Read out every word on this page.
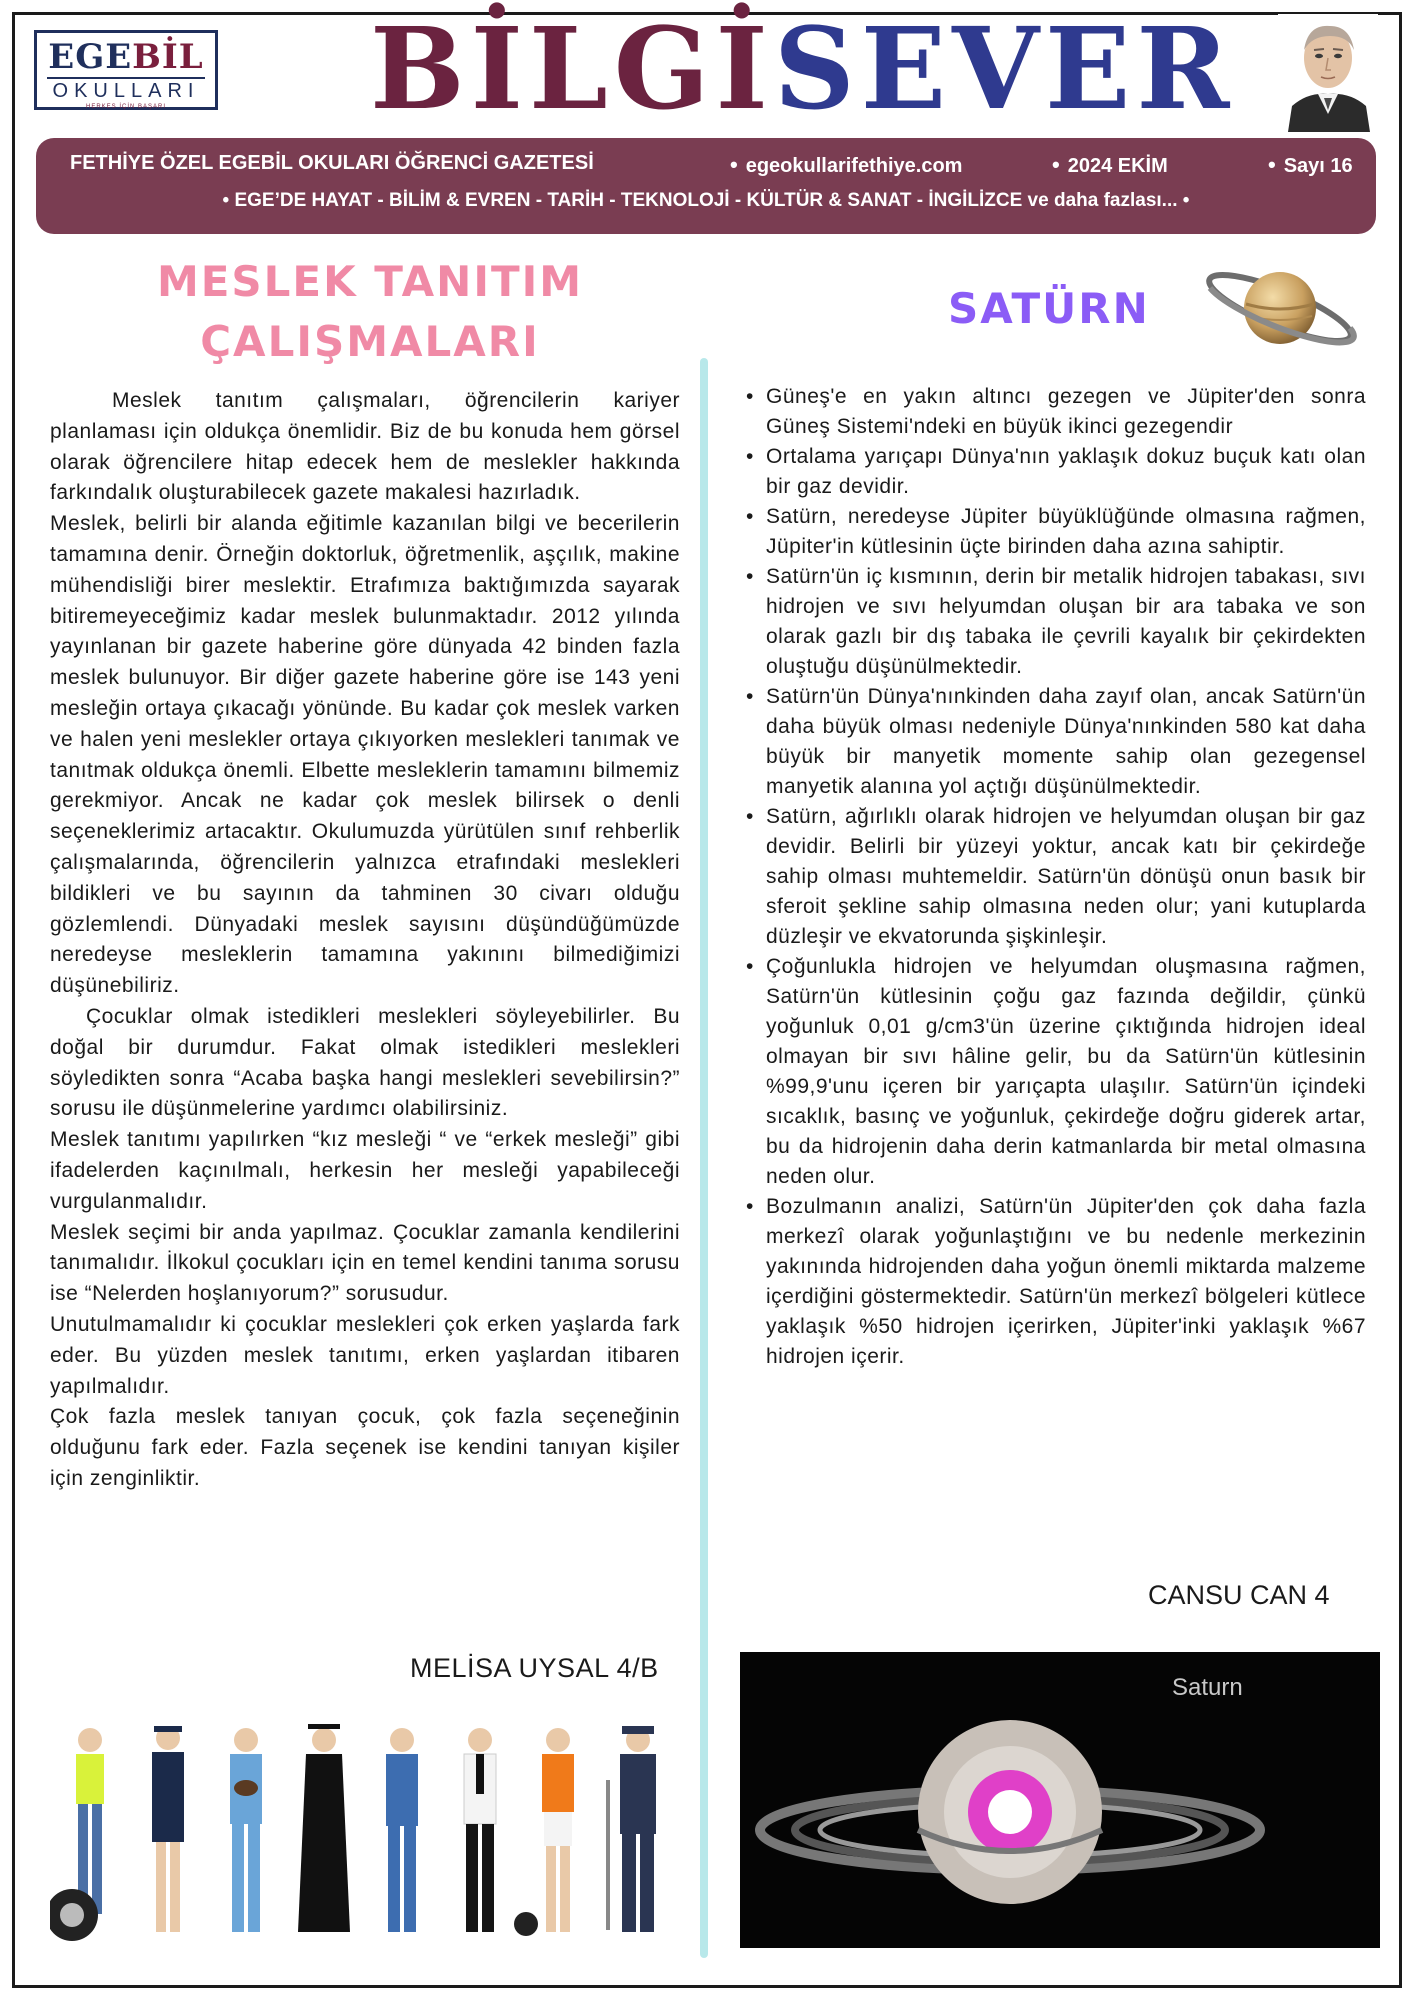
EGEBİL
OKULLARI
HERKES İÇİN BAŞARI	BİLGİSEVER
FETHİYE ÖZEL EGEBİL OKULARI ÖĞRENCİ GAZETESİ	• egeokullarifethiye.com	• 2024 EKİM	• Sayı 16
• EGE’DE HAYAT - BİLİM & EVREN - TARİH - TEKNOLOJİ - KÜLTÜR & SANAT - İNGİLİZCE ve daha fazlası... •
MESLEK TANITIM
ÇALIŞMALARI

Meslek tanıtım çalışmaları, öğrencilerin kariyer planlaması için oldukça önemlidir. Biz de bu konuda hem görsel olarak öğrencilere hitap edecek hem de meslekler hakkında farkındalık oluşturabilecek gazete makalesi hazırladık.

Meslek, belirli bir alanda eğitimle kazanılan bilgi ve becerilerin tamamına denir. Örneğin doktorluk, öğretmenlik, aşçılık, makine mühendisliği birer meslektir. Etrafımıza baktığımızda sayarak bitiremeyeceğimiz kadar meslek bulunmaktadır. 2012 yılında yayınlanan bir gazete haberine göre dünyada 42 binden fazla meslek bulunuyor. Bir diğer gazete haberine göre ise 143 yeni mesleğin ortaya çıkacağı yönünde. Bu kadar çok meslek varken ve halen yeni meslekler ortaya çıkıyorken meslekleri tanımak ve tanıtmak oldukça önemli. Elbette mesleklerin tamamını bilmemiz gerekmiyor. Ancak ne kadar çok meslek bilirsek o denli seçeneklerimiz artacaktır. Okulumuzda yürütülen sınıf rehberlik çalışmalarında, öğrencilerin yalnızca etrafındaki meslekleri bildikleri ve bu sayının da tahminen 30 civarı olduğu gözlemlendi. Dünyadaki meslek sayısını düşündüğümüzde neredeyse mesleklerin tamamına yakınını bilmediğimizi düşünebiliriz.

Çocuklar olmak istedikleri meslekleri söyleyebilirler. Bu doğal bir durumdur. Fakat olmak istedikleri meslekleri söyledikten sonra “Acaba başka hangi meslekleri sevebilirsin?” sorusu ile düşünmelerine yardımcı olabilirsiniz.

Meslek tanıtımı yapılırken “kız mesleği “ ve “erkek mesleği” gibi ifadelerden kaçınılmalı, herkesin her mesleği yapabileceği vurgulanmalıdır.

Meslek seçimi bir anda yapılmaz. Çocuklar zamanla kendilerini tanımalıdır. İlkokul çocukları için en temel kendini tanıma sorusu ise “Nelerden hoşlanıyorum?” sorusudur.

Unutulmamalıdır ki çocuklar meslekleri çok erken yaşlarda fark eder. Bu yüzden meslek tanıtımı, erken yaşlardan itibaren yapılmalıdır.

Çok fazla meslek tanıyan çocuk, çok fazla seçeneğinin olduğunu fark eder. Fazla seçenek ise kendini tanıyan kişiler için zenginliktir.

MELİSA UYSAL 4/B
SATÜRN
• Güneş'e en yakın altıncı gezegen ve Jüpiter'den sonra Güneş Sistemi'ndeki en büyük ikinci gezegendir
• Ortalama yarıçapı Dünya'nın yaklaşık dokuz buçuk katı olan bir gaz devidir.
• Satürn, neredeyse Jüpiter büyüklüğünde olmasına rağmen, Jüpiter'in kütlesinin üçte birinden daha azına sahiptir.
• Satürn'ün iç kısmının, derin bir metalik hidrojen tabakası, sıvı hidrojen ve sıvı helyumdan oluşan bir ara tabaka ve son olarak gazlı bir dış tabaka ile çevrili kayalık bir çekirdekten oluştuğu düşünülmektedir.
• Satürn'ün Dünya'nınkinden daha zayıf olan, ancak Satürn'ün daha büyük olması nedeniyle Dünya'nınkinden 580 kat daha büyük bir manyetik momente sahip olan gezegensel manyetik alanına yol açtığı düşünülmektedir.
• Satürn, ağırlıklı olarak hidrojen ve helyumdan oluşan bir gaz devidir. Belirli bir yüzeyi yoktur, ancak katı bir çekirdeğe sahip olması muhtemeldir. Satürn'ün dönüşü onun basık bir sferoit şekline sahip olmasına neden olur; yani kutuplarda düzleşir ve ekvatorunda şişkinleşir.
• Çoğunlukla hidrojen ve helyumdan oluşmasına rağmen, Satürn'ün kütlesinin çoğu gaz fazında değildir, çünkü yoğunluk 0,01 g/cm3'ün üzerine çıktığında hidrojen ideal olmayan bir sıvı hâline gelir, bu da Satürn'ün kütlesinin %99,9'unu içeren bir yarıçapta ulaşılır. Satürn'ün içindeki sıcaklık, basınç ve yoğunluk, çekirdeğe doğru giderek artar, bu da hidrojenin daha derin katmanlarda bir metal olmasına neden olur.
• Bozulmanın analizi, Satürn'ün Jüpiter'den çok daha fazla merkezî olarak yoğunlaştığını ve bu nedenle merkezinin yakınında hidrojenden daha yoğun önemli miktarda malzeme içerdiğini göstermektedir. Satürn'ün merkezî bölgeleri kütlece yaklaşık %50 hidrojen içerirken, Jüpiter'inki yaklaşık %67 hidrojen içerir.
CANSU CAN 4
Saturn
